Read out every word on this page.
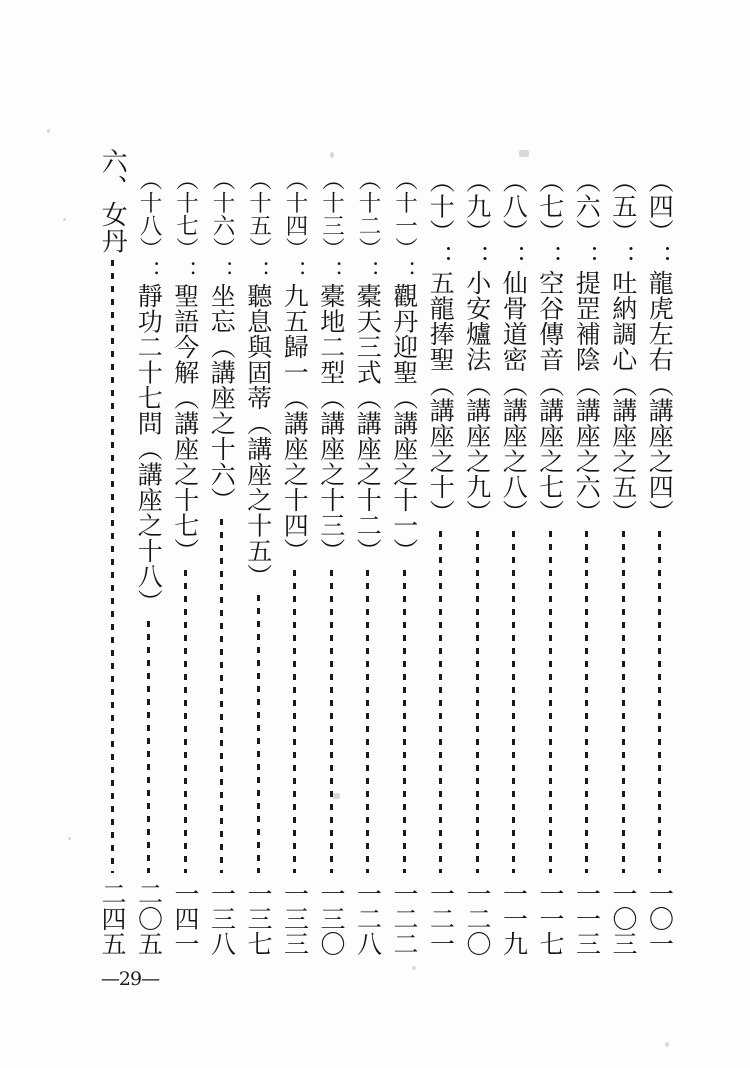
（四）：
龍虎左右（講座之四）
一〇一
（五）：
吐納調心（講座之五）
一〇三
（六）：
提罡補陰（講座之六）
一一三
（七）：
空谷傳音（講座之七）
一一七
（八）：
仙骨道密（講座之八）
一一九
（九）：
小安爐法（講座之九）
一二〇
（十）：
五龍捧聖（講座之十）
一二一
（十一）：
觀丹迎聖（講座之十一）
一二二
（十二）：
橐天三式（講座之十二）
一二八
（十三）：
橐地二型（講座之十三）
一三〇
（十四）：
九五歸一（講座之十四）
一三三
（十五）：
聽息與固蒂（講座之十五）
一三七
（十六）：
坐忘（講座之十六）
一三八
（十七）：
聖語今解（講座之十七）
一四一
（十八）：
靜功二十七問（講座之十八）
二〇五
六、女丹
二四五
—29—
